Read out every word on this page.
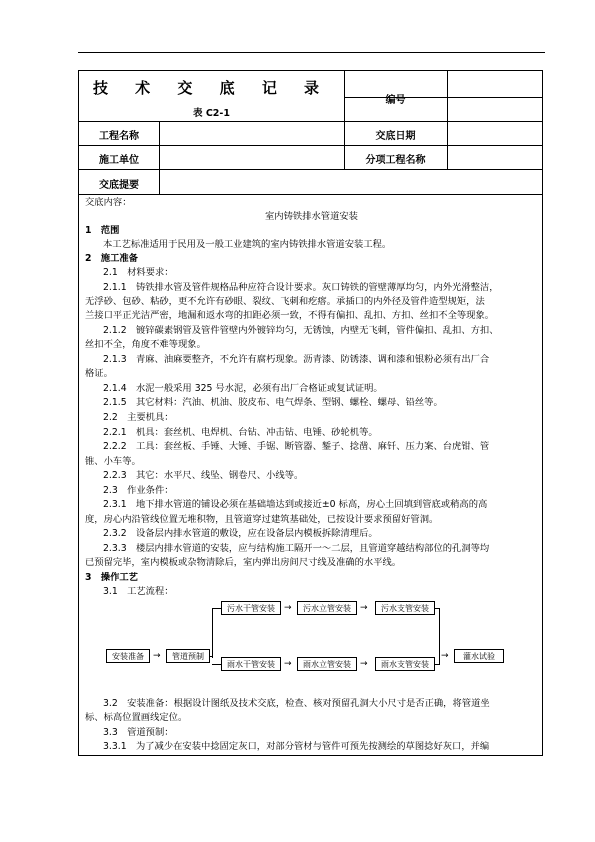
技 术 交 底 记 录
表 C2-1
编号
工程名称	交底日期
施工单位	分项工程名称
交底提要
交底内容：
室内铸铁排水管道安装
1　范围
本工艺标准适用于民用及一般工业建筑的室内铸铁排水管道安装工程。
2　施工准备
2.1　材料要求：
2.1.1　铸铁排水管及管件规格品种应符合设计要求。灰口铸铁的管壁薄厚均匀，内外光滑整洁，
无浮砂、包砂、粘砂，更不允许有砂眼、裂纹、飞刺和疙瘩。承插口的内外径及管件造型规矩，法
兰接口平正光洁严密，地漏和返水弯的扣距必须一致，不得有偏扣、乱扣、方扣、丝扣不全等现象。
2.1.2　镀锌碳素钢管及管件管壁内外镀锌均匀，无锈蚀，内壁无飞刺，管件偏扣、乱扣、方扣、
丝扣不全，角度不难等现象。
2.1.3　青麻、油麻要整齐，不允许有腐朽现象。沥青漆、防锈漆、调和漆和银粉必须有出厂合
格证。
2.1.4　水泥一般采用 325 号水泥，必须有出厂合格证或复试证明。
2.1.5　其它材料：汽油、机油、胶皮布、电气焊条、型钢、螺栓、螺母、铅丝等。
2.2　主要机具：
2.2.1　机具：套丝机、电焊机、台钻、冲击钻、电锤、砂轮机等。
2.2.2　工具：套丝板、手锤、大锤、手锯、断管器、錾子、捻凿、麻钎、压力案、台虎钳、管
锥、小车等。
2.2.3　其它：水平尺、线坠、钢卷尺、小线等。
2.3　作业条件：
2.3.1　地下排水管道的铺设必须在基础墙达到或接近±0 标高，房心土回填到管底或稍高的高
度，房心内沿管线位置无堆积物，且管道穿过建筑基础处，已按设计要求预留好管洞。
2.3.2　设备层内排水管道的敷设，应在设备层内模板拆除清理后。
2.3.3　楼层内排水管道的安装，应与结构施工隔开一～二层，且管道穿越结构部位的孔洞等均
已预留完毕，室内模板或杂物清除后，室内弹出房间尺寸线及准确的水平线。
3　操作工艺
3.1　工艺流程：
安装准备	→	管道预制
污水干管安装	→	污水立管安装	→	污水支管安装
雨水干管安装	→	雨水立管安装	→	雨水支管安装
→	灌水试验
3.2　安装准备：根据设计图纸及技术交底，检查、核对预留孔洞大小尺寸是否正确，将管道坐
标、标高位置画线定位。
3.3　管道预制：
3.3.1　为了减少在安装中捻固定灰口，对部分管材与管件可预先按测绘的草图捻好灰口，并编
